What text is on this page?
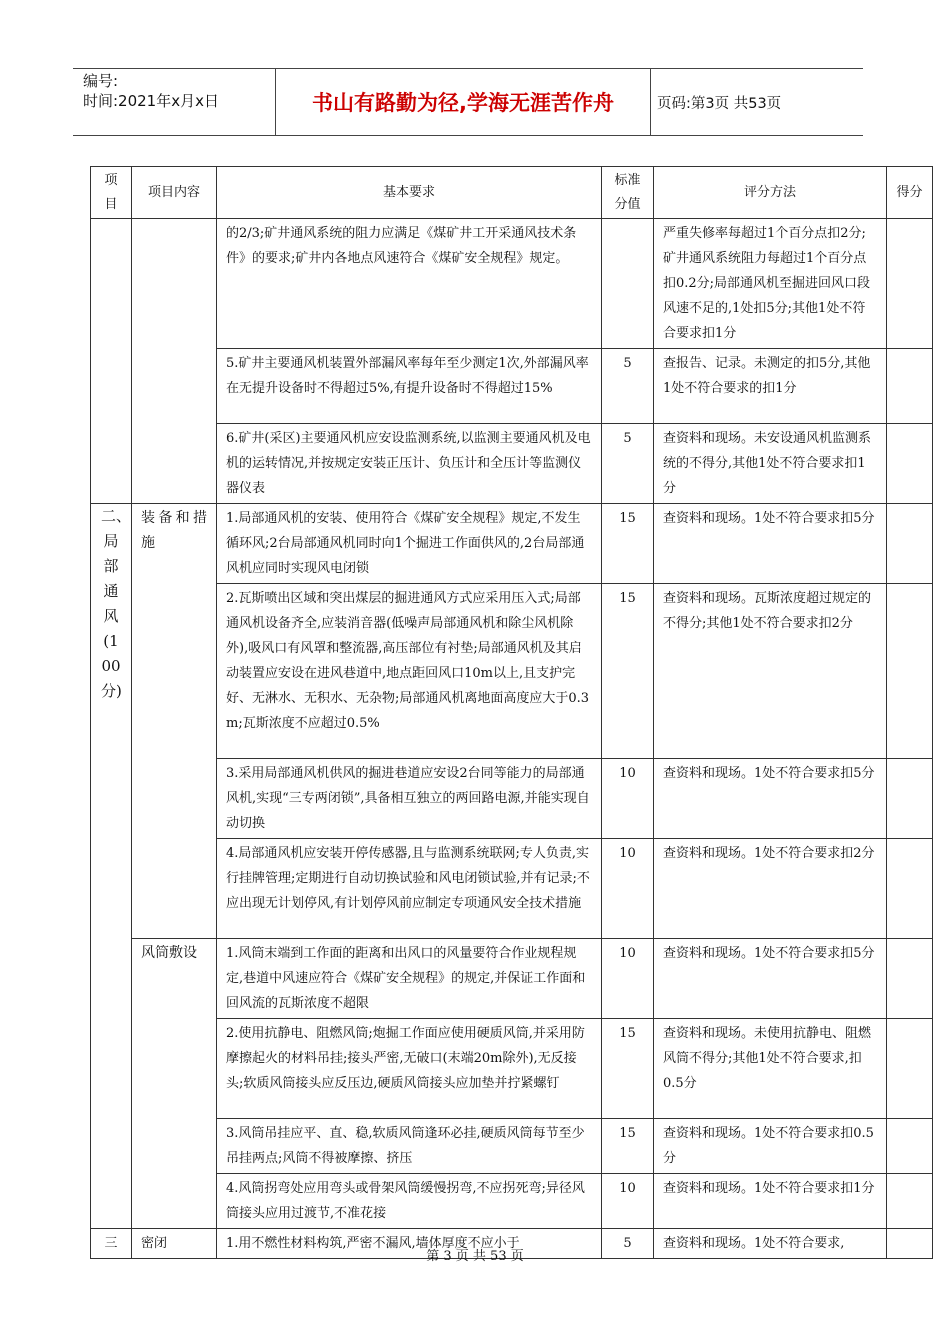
编号:
时间:2021年x月x日	书山有路勤为径,学海无涯苦作舟	页码:第3页 共53页
项目	项目内容	基本要求	标准分值	评分方法	得分
		的2/3;矿井通风系统的阻力应满足《煤矿井工开采通风技术条件》的要求;矿井内各地点风速符合《煤矿安全规程》规定。		严重失修率每超过1个百分点扣2分;矿井通风系统阻力每超过1个百分点扣0.2分;局部通风机至掘进回风口段风速不足的,1处扣5分;其他1处不符合要求扣1分	
		5.矿井主要通风机装置外部漏风率每年至少测定1次,外部漏风率在无提升设备时不得超过5%,有提升设备时不得超过15%	5	查报告、记录。未测定的扣5分,其他1处不符合要求的扣1分	
		6.矿井(采区)主要通风机应安设监测系统,以监测主要通风机及电机的运转情况,并按规定安装正压计、负压计和全压计等监测仪器仪表	5	查资料和现场。未安设通风机监测系统的不得分,其他1处不符合要求扣1分	
二、局部通风(100分)	装备和措施	1.局部通风机的安装、使用符合《煤矿安全规程》规定,不发生循环风;2台局部通风机同时向1个掘进工作面供风的,2台局部通风机应同时实现风电闭锁	15	查资料和现场。1处不符合要求扣5分	
		2.瓦斯喷出区域和突出煤层的掘进通风方式应采用压入式;局部通风机设备齐全,应装消音器(低噪声局部通风机和除尘风机除外),吸风口有风罩和整流器,高压部位有衬垫;局部通风机及其启动装置应安设在进风巷道中,地点距回风口10m以上,且支护完好、无淋水、无积水、无杂物;局部通风机离地面高度应大于0.3 m;瓦斯浓度不应超过0.5%	15	查资料和现场。瓦斯浓度超过规定的不得分;其他1处不符合要求扣2分	
		3.采用局部通风机供风的掘进巷道应安设2台同等能力的局部通风机,实现“三专两闭锁”,具备相互独立的两回路电源,并能实现自动切换	10	查资料和现场。1处不符合要求扣5分	
		4.局部通风机应安装开停传感器,且与监测系统联网;专人负责,实行挂牌管理;定期进行自动切换试验和风电闭锁试验,并有记录;不应出现无计划停风,有计划停风前应制定专项通风安全技术措施	10	查资料和现场。1处不符合要求扣2分	
	风筒敷设	1.风筒末端到工作面的距离和出风口的风量要符合作业规程规定,巷道中风速应符合《煤矿安全规程》的规定,并保证工作面和回风流的瓦斯浓度不超限	10	查资料和现场。1处不符合要求扣5分	
		2.使用抗静电、阻燃风筒;炮掘工作面应使用硬质风筒,并采用防摩擦起火的材料吊挂;接头严密,无破口(末端20m除外),无反接头;软质风筒接头应反压边,硬质风筒接头应加垫并拧紧螺钉	15	查资料和现场。未使用抗静电、阻燃风筒不得分;其他1处不符合要求,扣0.5分	
		3.风筒吊挂应平、直、稳,软质风筒逢环必挂,硬质风筒每节至少吊挂两点;风筒不得被摩擦、挤压	15	查资料和现场。1处不符合要求扣0.5分	
		4.风筒拐弯处应用弯头或骨架风筒缓慢拐弯,不应拐死弯;异径风筒接头应用过渡节,不准花接	10	查资料和现场。1处不符合要求扣1分	
三	密闭	1.用不燃性材料构筑,严密不漏风,墙体厚度不应小于	5	查资料和现场。1处不符合要求,	
第 3 页 共 53 页
